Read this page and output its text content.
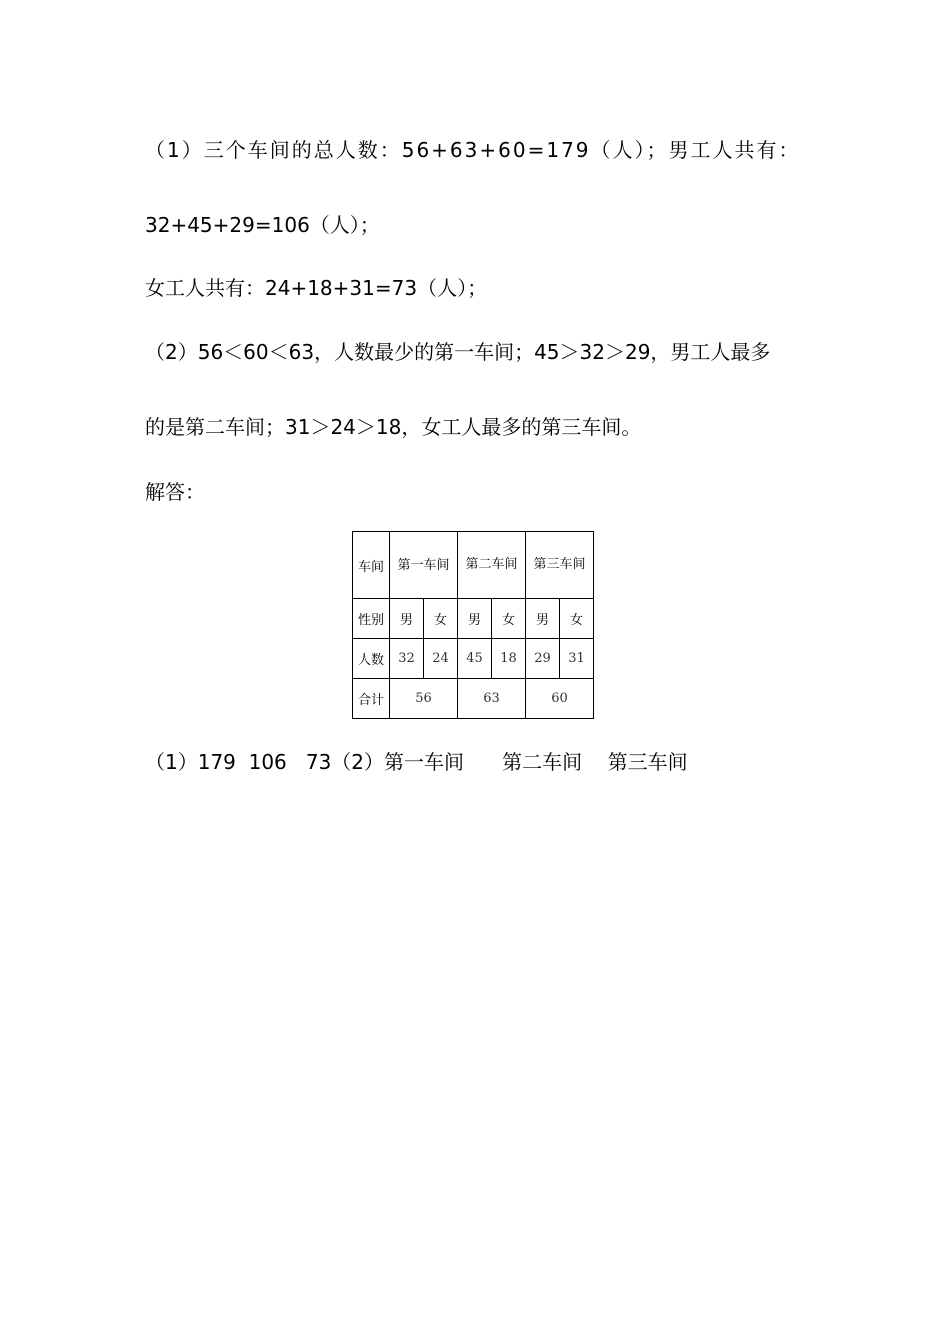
（1）三个车间的总人数：56+63+60=179（人）；男工人共有：

32+45+29=106（人）；

女工人共有：24+18+31=73（人）；

（2）56＜60＜63，人数最少的第一车间；45＞32＞29，男工人最多

的是第二车间；31＞24＞18，女工人最多的第三车间。

解答：

车间	第一车间		第二车间		第三车间	
性别	男	女	男	女	男	女
人数	32	24	45	18	29	31
合计	56		63		60	

（1）179  106   73（2）第一车间      第二车间    第三车间
